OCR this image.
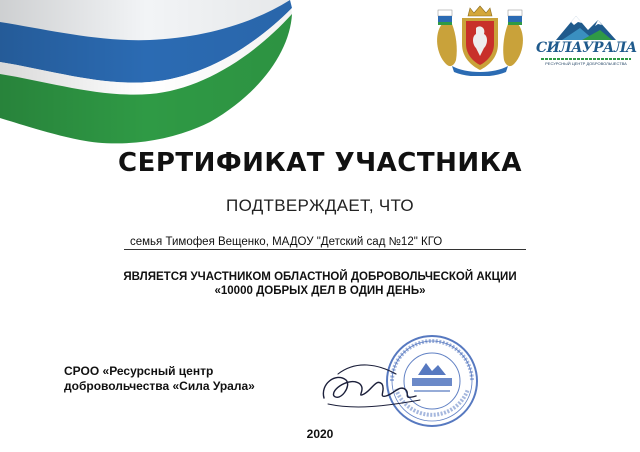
СИЛАУРАЛА
РЕСУРСНЫЙ ЦЕНТР ДОБРОВОЛЬЧЕСТВА
СЕРТИФИКАТ УЧАСТНИКА
ПОДТВЕРЖДАЕТ, ЧТО
семья Тимофея Вещенко, МАДОУ "Детский сад №12" КГО
ЯВЛЯЕТСЯ УЧАСТНИКОМ ОБЛАСТНОЙ ДОБРОВОЛЬЧЕСКОЙ АКЦИИ
«10000 ДОБРЫХ ДЕЛ В ОДИН ДЕНЬ»
СРОО «Ресурсный центр
добровольчества «Сила Урала»
2020
